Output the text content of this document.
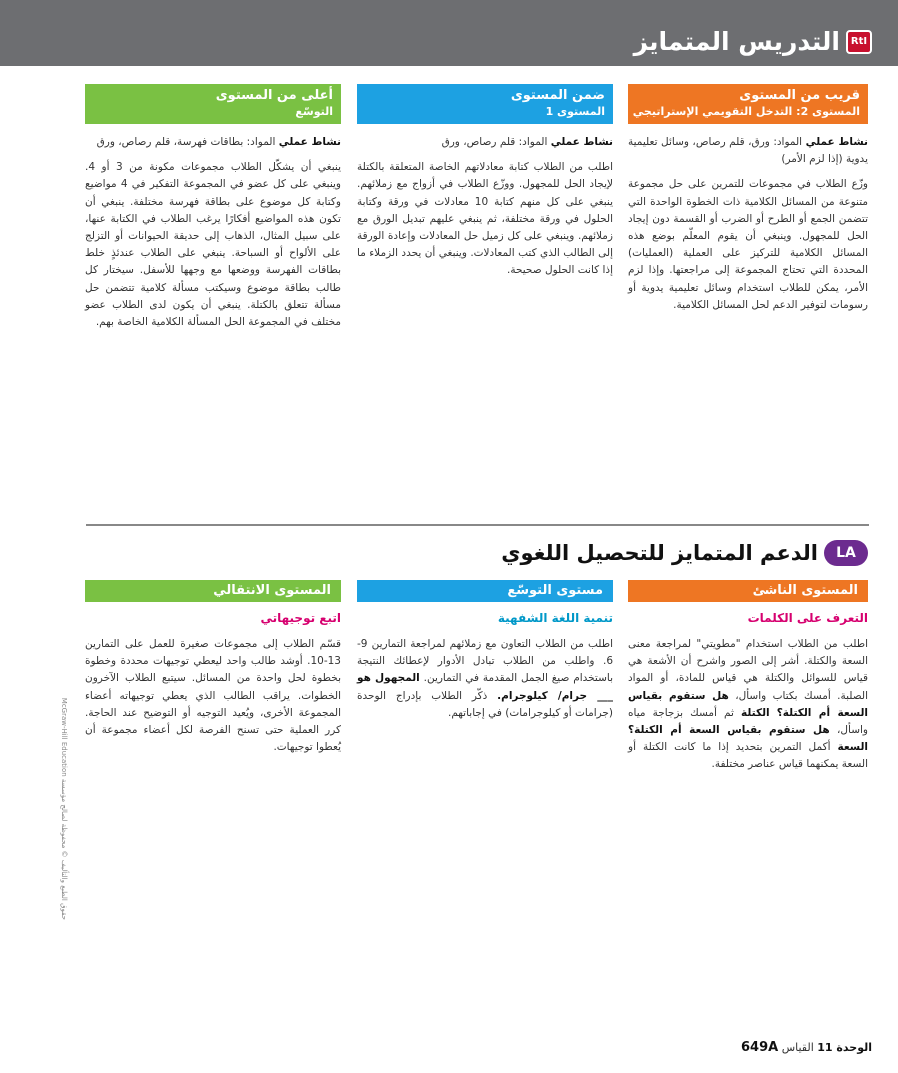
التدريس المتمايز	RtI
قريب من المستوى
المستوى 2: التدخل التقويمي الإستراتيجي
ضمن المستوى
المستوى 1
أعلى من المستوى
التوسّع

نشاط عملي المواد: ورق، قلم رصاص، وسائل تعليمية يدوية (إذا لزم الأمر)

وزّع الطلاب في مجموعات للتمرين على حل مجموعة متنوعة من المسائل الكلامية ذات الخطوة الواحدة التي تتضمن الجمع أو الطرح أو الضرب أو القسمة دون إيجاد الحل للمجهول. وينبغي أن يقوم المعلّم بوضع هذه المسائل الكلامية للتركيز على العملية (العمليات) المحددة التي تحتاج المجموعة إلى مراجعتها. وإذا لزم الأمر، يمكن للطلاب استخدام وسائل تعليمية يدوية أو رسومات لتوفير الدعم لحل المسائل الكلامية.

نشاط عملي المواد: قلم رصاص، ورق

اطلب من الطلاب كتابة معادلاتهم الخاصة المتعلقة بالكتلة لإيجاد الحل للمجهول. ووزّع الطلاب في أزواج مع زملائهم. ينبغي على كل منهم كتابة 10 معادلات في ورقة وكتابة الحلول في ورقة مختلفة، ثم ينبغي عليهم تبديل الورق مع زملائهم. وينبغي على كل زميل حل المعادلات وإعادة الورقة إلى الطالب الذي كتب المعادلات. وينبغي أن يحدد الزملاء ما إذا كانت الحلول صحيحة.

نشاط عملي المواد: بطاقات فهرسة، قلم رصاص، ورق

ينبغي أن يشكّل الطلاب مجموعات مكونة من 3 أو 4. وينبغي على كل عضو في المجموعة التفكير في 4 مواضيع وكتابة كل موضوع على بطاقة فهرسة مختلفة. ينبغي أن تكون هذه المواضيع أفكارًا يرغب الطلاب في الكتابة عنها، على سبيل المثال، الذهاب إلى حديقة الحيوانات أو التزلج على الألواح أو السباحة. ينبغي على الطلاب عندئذٍ خلط بطاقات الفهرسة ووضعها مع وجهها للأسفل. سيختار كل طالب بطاقة موضوع وسيكتب مسألة كلامية تتضمن حل مسألة تتعلق بالكتلة. ينبغي أن يكون لدى الطلاب عضو مختلف في المجموعة الحل المسألة الكلامية الخاصة بهم.

LA
الدعم المتمايز للتحصيل اللغوي
المستوى الناشئ
مستوى التوسّع
المستوى الانتقالي
التعرف على الكلمات
تنمية اللغة الشفهية
اتبع توجيهاتي
اطلب من الطلاب استخدام "مطويتي" لمراجعة معنى السعة والكتلة. أشر إلى الصور واشرح أن الأشعة هي قياس للسوائل والكتلة هي قياس للمادة، أو المواد الصلبة. أمسك بكتاب واسأل، هل ستقوم بقياس السعة أم الكتلة؟ الكتلة ثم أمسك بزجاجة مياه واسأل، هل ستقوم بقياس السعة أم الكتلة؟ السعة أكمل التمرين بتحديد إذا ما كانت الكتلة أو السعة يمكنهما قياس عناصر مختلفة.
اطلب من الطلاب التعاون مع زملائهم لمراجعة التمارين 9-6. واطلب من الطلاب تبادل الأدوار لإعطائك النتيجة باستخدام صيغ الجمل المقدمة في التمارين. المجهول هو ___ جرام/ كيلوجرام. ذكّر الطلاب بإدراج الوحدة (جرامات أو كيلوجرامات) في إجاباتهم.
قسّم الطلاب إلى مجموعات صغيرة للعمل على التمارين 13-10. أوشد طالب واحد ليعطي توجيهات محددة وخطوة بخطوة لحل واحدة من المسائل. سيتبع الطلاب الآخرون الخطوات. يراقب الطالب الذي يعطي توجيهاته أعضاء المجموعة الأخرى، ويُعيد التوجيه أو التوضيح عند الحاجة. كرر العملية حتى تسنح الفرصة لكل أعضاء مجموعة أن يُعطوا توجيهات.
حقوق الطبع والتأليف © محفوظة لصالح مؤسسة McGraw-Hill Education
الوحدة 11 القياس 649A
